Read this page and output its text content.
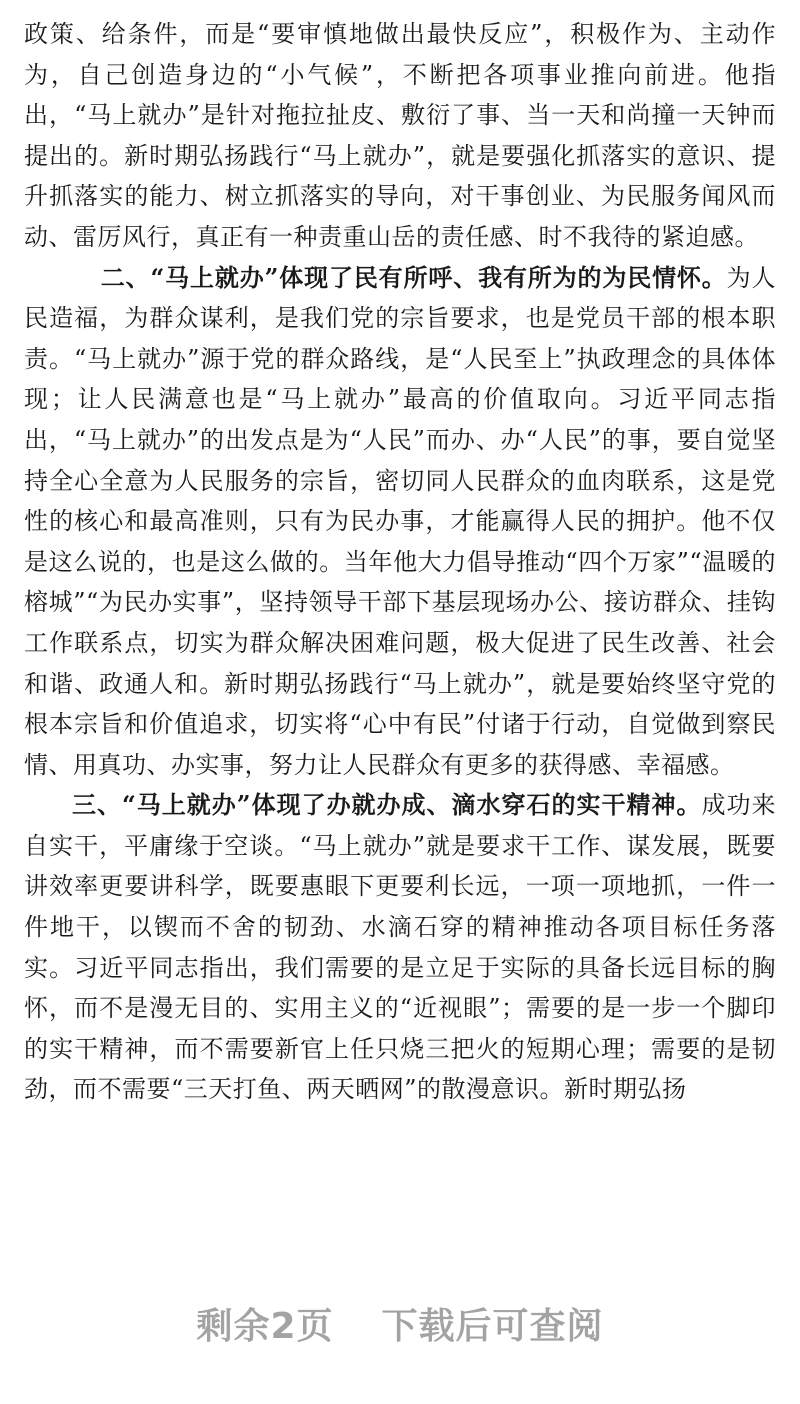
政策、给条件，而是“要审慎地做出最快反应”，积极作为、主动作为，自己创造身边的“小气候”，不断把各项事业推向前进。他指出，“马上就办”是针对拖拉扯皮、敷衍了事、当一天和尚撞一天钟而提出的。新时期弘扬践行“马上就办”，就是要强化抓落实的意识、提升抓落实的能力、树立抓落实的导向，对干事创业、为民服务闻风而动、雷厉风行，真正有一种责重山岳的责任感、时不我待的紧迫感。

二、“马上就办”体现了民有所呼、我有所为的为民情怀。为人民造福，为群众谋利，是我们党的宗旨要求，也是党员干部的根本职责。“马上就办”源于党的群众路线，是“人民至上”执政理念的具体体现；让人民满意也是“马上就办”最高的价值取向。习近平同志指出，“马上就办”的出发点是为“人民”而办、办“人民”的事，要自觉坚持全心全意为人民服务的宗旨，密切同人民群众的血肉联系，这是党性的核心和最高准则，只有为民办事，才能赢得人民的拥护。他不仅是这么说的，也是这么做的。当年他大力倡导推动“四个万家”“温暖的榕城”“为民办实事”，坚持领导干部下基层现场办公、接访群众、挂钩工作联系点，切实为群众解决困难问题，极大促进了民生改善、社会和谐、政通人和。新时期弘扬践行“马上就办”，就是要始终坚守党的根本宗旨和价值追求，切实将“心中有民”付诸于行动，自觉做到察民情、用真功、办实事，努力让人民群众有更多的获得感、幸福感。

三、“马上就办”体现了办就办成、滴水穿石的实干精神。成功来自实干，平庸缘于空谈。“马上就办”就是要求干工作、谋发展，既要讲效率更要讲科学，既要惠眼下更要利长远，一项一项地抓，一件一件地干，以锲而不舍的韧劲、水滴石穿的精神推动各项目标任务落实。习近平同志指出，我们需要的是立足于实际的具备长远目标的胸怀，而不是漫无目的、实用主义的“近视眼”；需要的是一步一个脚印的实干精神，而不需要新官上任只烧三把火的短期心理；需要的是韧劲，而不需要“三天打鱼、两天晒网”的散漫意识。新时期弘扬

剩余2页 下载后可查阅
